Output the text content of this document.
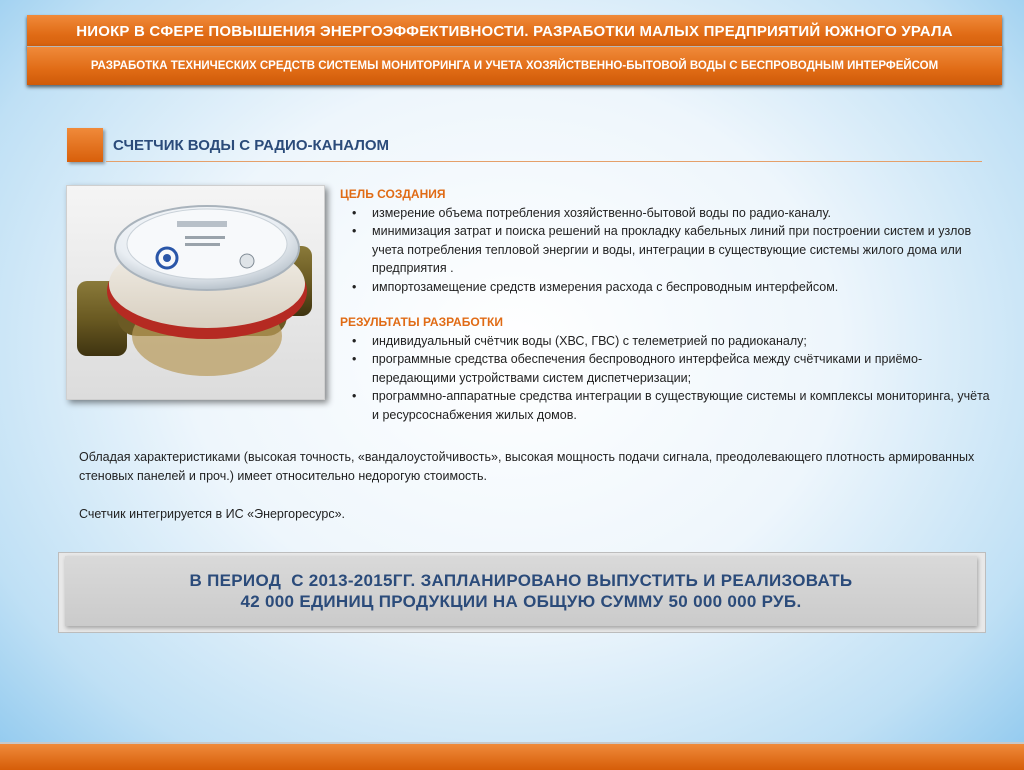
НИОКР В СФЕРЕ ПОВЫШЕНИЯ ЭНЕРГОЭФФЕКТИВНОСТИ. РАЗРАБОТКИ МАЛЫХ ПРЕДПРИЯТИЙ ЮЖНОГО УРАЛА
РАЗРАБОТКА ТЕХНИЧЕСКИХ СРЕДСТВ СИСТЕМЫ МОНИТОРИНГА И УЧЕТА ХОЗЯЙСТВЕННО-БЫТОВОЙ ВОДЫ С БЕСПРОВОДНЫМ ИНТЕРФЕЙСОМ
СЧЕТЧИК ВОДЫ С РАДИО-КАНАЛОМ
ЦЕЛЬ СОЗДАНИЯ
• измерение объема потребления хозяйственно-бытовой воды по радио-каналу.
• минимизация затрат и поиска решений на прокладку кабельных линий при построении систем и узлов учета потребления тепловой энергии и воды, интеграции в существующие системы жилого дома или предприятия .
• импортозамещение средств измерения расхода с беспроводным интерфейсом.
РЕЗУЛЬТАТЫ РАЗРАБОТКИ
• индивидуальный счётчик воды (ХВС, ГВС) с телеметрией по радиоканалу;
• программные средства обеспечения беспроводного интерфейса между счётчиками и приёмо-передающими устройствами систем диспетчеризации;
• программно-аппаратные средства интеграции в существующие системы и комплексы мониторинга, учёта и ресурсоснабжения жилых домов.
Обладая характеристиками (высокая точность, «вандалоустойчивость», высокая мощность подачи сигнала, преодолевающего плотность армированных стеновых панелей и проч.) имеет относительно недорогую стоимость.
Счетчик интегрируется в ИС «Энергоресурс».
В ПЕРИОД  С 2013-2015ГГ. ЗАПЛАНИРОВАНО ВЫПУСТИТЬ И РЕАЛИЗОВАТЬ
42 000 ЕДИНИЦ ПРОДУКЦИИ НА ОБЩУЮ СУММУ 50 000 000 РУБ.
